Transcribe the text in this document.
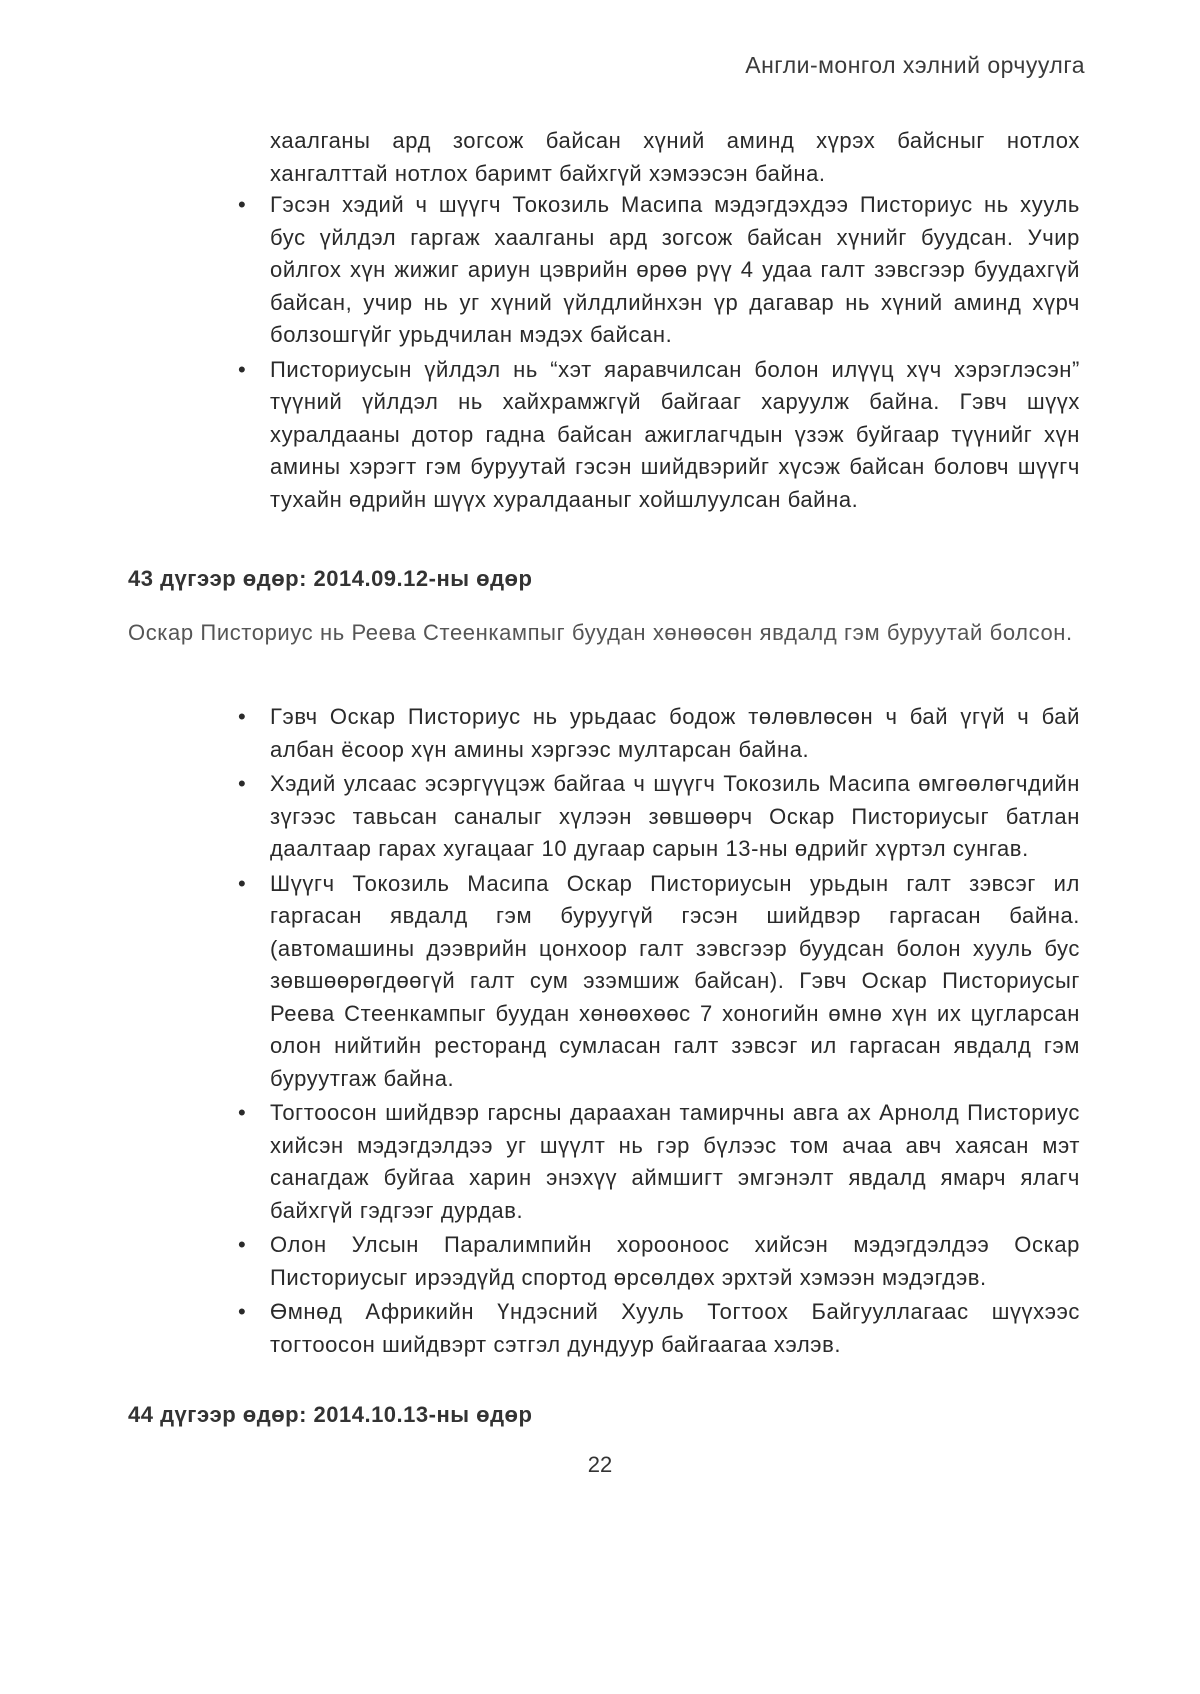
Англи-монгол хэлний орчуулга
хаалганы ард зогсож байсан хүний аминд хүрэх байсныг нотлох хангалттай нотлох баримт байхгүй хэмээсэн байна.
• Гэсэн хэдий ч шүүгч Токозиль Масипа мэдэгдэхдээ Писториус нь хууль бус үйлдэл гаргаж хаалганы ард зогсож байсан хүнийг буудсан. Учир ойлгох хүн жижиг ариун цэврийн өрөө рүү 4 удаа галт зэвсгээр буудахгүй байсан, учир нь уг хүний үйлдлийнхэн үр дагавар нь хүний аминд хүрч болзошгүйг урьдчилан мэдэх байсан.
• Писториусын үйлдэл нь “хэт яаравчилсан болон илүүц хүч хэрэглэсэн” түүний үйлдэл нь хайхрамжгүй байгааг харуулж байна. Гэвч шүүх хуралдааны дотор гадна байсан ажиглагчдын үзэж буйгаар түүнийг хүн амины хэрэгт гэм буруутай гэсэн шийдвэрийг хүсэж байсан боловч шүүгч тухайн өдрийн шүүх хуралдааныг хойшлуулсан байна.
43 дүгээр өдөр: 2014.09.12-ны өдөр
Оскар Писториус нь Реева Стеенкампыг буудан хөнөөсөн явдалд гэм буруутай болсон.
• Гэвч Оскар Писториус нь урьдаас бодож төлөвлөсөн ч бай үгүй ч бай албан ёсоор хүн амины хэргээс мултарсан байна.
• Хэдий улсаас эсэргүүцэж байгаа ч шүүгч Токозиль Масипа өмгөөлөгчдийн зүгээс тавьсан саналыг хүлээн зөвшөөрч Оскар Писториусыг батлан даалтаар гарах хугацааг 10 дугаар сарын 13-ны өдрийг хүртэл сунгав.
• Шүүгч Токозиль Масипа Оскар Писториусын урьдын галт зэвсэг ил гаргасан явдалд гэм буруугүй гэсэн шийдвэр гаргасан байна. (автомашины дээврийн цонхоор галт зэвсгээр буудсан болон хууль бус зөвшөөрөгдөөгүй галт сум эзэмшиж байсан). Гэвч Оскар Писториусыг Реева Стеенкампыг буудан хөнөөхөөс 7 хоногийн өмнө хүн их цугларсан олон нийтийн ресторанд сумласан галт зэвсэг ил гаргасан явдалд гэм буруутгаж байна.
• Тогтоосон шийдвэр гарсны дараахан тамирчны авга ах Арнолд Писториус хийсэн мэдэгдэлдээ уг шүүлт нь гэр бүлээс том ачаа авч хаясан мэт санагдаж буйгаа харин энэхүү аймшигт эмгэнэлт явдалд ямарч ялагч байхгүй гэдгээг дурдав.
• Олон Улсын Паралимпийн хорооноос хийсэн мэдэгдэлдээ Оскар Писториусыг ирээдүйд спортод өрсөлдөх эрхтэй хэмээн мэдэгдэв.
• Өмнөд Африкийн Үндэсний Хууль Тогтоох Байгууллагаас шүүхээс тогтоосон шийдвэрт сэтгэл дундуур байгаагаа хэлэв.
44 дүгээр өдөр: 2014.10.13-ны өдөр
22
